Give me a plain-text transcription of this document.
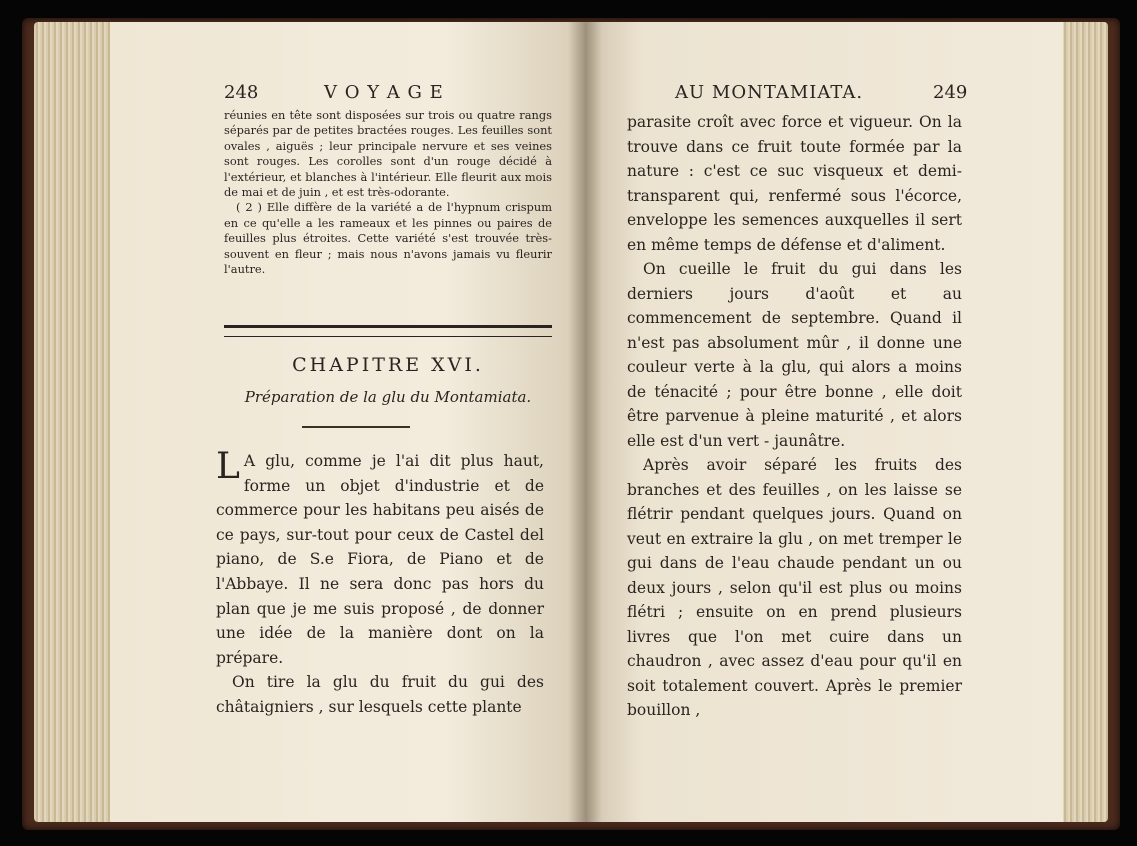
248	V O Y A G E

réunies en tête sont disposées sur trois ou quatre rangs séparés par de petites bractées rouges. Les feuilles sont ovales , aiguës ; leur principale nervure et ses veines sont rouges. Les corolles sont d'un rouge décidé à l'extérieur, et blanches à l'intérieur. Elle fleurit aux mois de mai et de juin , et est très-odorante.

( 2 ) Elle diffère de la variété a de l'hypnum crispum en ce qu'elle a les rameaux et les pinnes ou paires de feuilles plus étroites. Cette variété s'est trouvée très-souvent en fleur ; mais nous n'avons jamais vu fleurir l'autre.

CHAPITRE XVI.
Préparation de la glu du Montamiata.

L A glu, comme je l'ai dit plus haut, forme un objet d'industrie et de commerce pour les habitans peu aisés de ce pays, sur-tout pour ceux de Castel del piano, de S.e Fiora, de Piano et de l'Abbaye. Il ne sera donc pas hors du plan que je me suis proposé , de donner une idée de la manière dont on la prépare.

On tire la glu du fruit du gui des châtaigniers , sur lesquels cette plante

AU MONTAMIATA.	249

parasite croît avec force et vigueur. On la trouve dans ce fruit toute formée par la nature : c'est ce suc visqueux et demi-transparent qui, renfermé sous l'écorce, enveloppe les semences auxquelles il sert en même temps de défense et d'aliment.

On cueille le fruit du gui dans les derniers jours d'août et au commencement de septembre. Quand il n'est pas absolument mûr , il donne une couleur verte à la glu, qui alors a moins de ténacité ; pour être bonne , elle doit être parvenue à pleine maturité , et alors elle est d'un vert - jaunâtre.

Après avoir séparé les fruits des branches et des feuilles , on les laisse se flétrir pendant quelques jours. Quand on veut en extraire la glu , on met tremper le gui dans de l'eau chaude pendant un ou deux jours , selon qu'il est plus ou moins flétri ; ensuite on en prend plusieurs livres que l'on met cuire dans un chaudron , avec assez d'eau pour qu'il en soit totalement couvert. Après le premier bouillon ,
